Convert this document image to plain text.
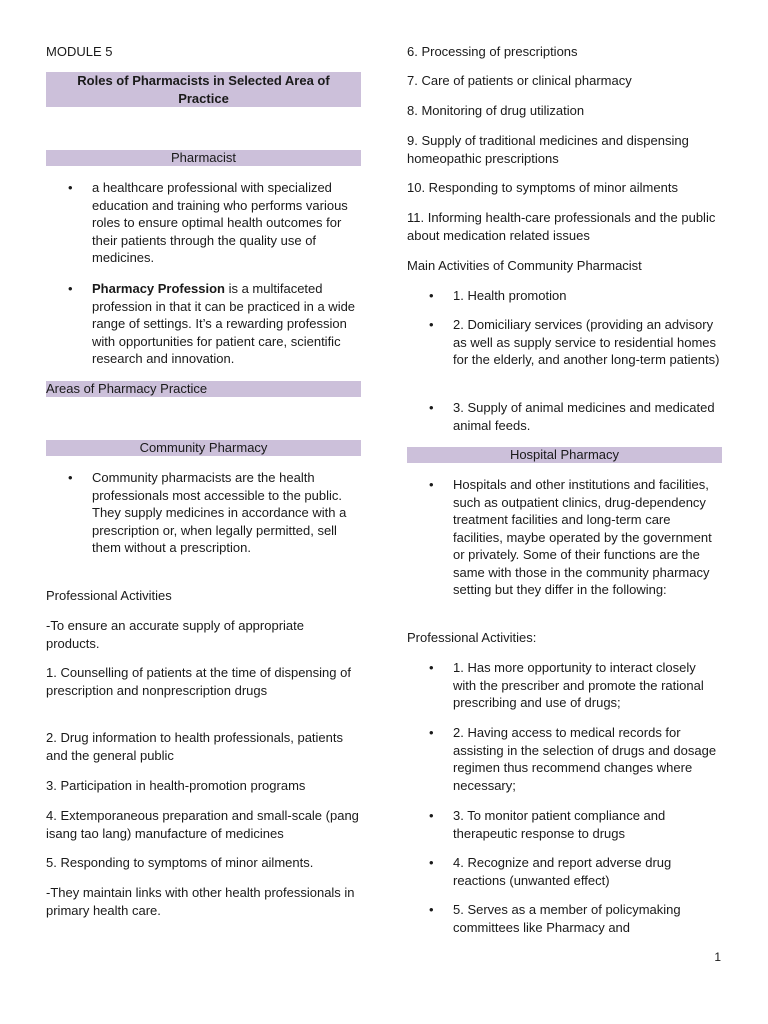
MODULE 5
Roles of Pharmacists in Selected Area of Practice
Pharmacist
• a healthcare professional with specialized education and training who performs various roles to ensure optimal health outcomes for their patients through the quality use of medicines.
• Pharmacy Profession is a multifaceted profession in that it can be practiced in a wide range of settings. It’s a rewarding profession with opportunities for patient care, scientific research and innovation.
Areas of Pharmacy Practice
Community Pharmacy
• Community pharmacists are the health professionals most accessible to the public. They supply medicines in accordance with a prescription or, when legally permitted, sell them without a prescription.
Professional Activities
-To ensure an accurate supply of appropriate products.
1. Counselling of patients at the time of dispensing of prescription and nonprescription drugs
2. Drug information to health professionals, patients and the general public
3. Participation in health-promotion programs
4. Extemporaneous preparation and small-scale (pang isang tao lang) manufacture of medicines
5. Responding to symptoms of minor ailments.
-They maintain links with other health professionals in primary health care.
6. Processing of prescriptions
7. Care of patients or clinical pharmacy
8. Monitoring of drug utilization
9. Supply of traditional medicines and dispensing homeopathic prescriptions
10. Responding to symptoms of minor ailments
11. Informing health-care professionals and the public about medication related issues
Main Activities of Community Pharmacist
• 1. Health promotion
• 2. Domiciliary services (providing an advisory as well as supply service to residential homes for the elderly, and another long-term patients)
• 3. Supply of animal medicines and medicated animal feeds.
Hospital Pharmacy
• Hospitals and other institutions and facilities, such as outpatient clinics, drug-dependency treatment facilities and long-term care facilities, maybe operated by the government or privately. Some of their functions are the same with those in the community pharmacy setting but they differ in the following:
Professional Activities:
• 1. Has more opportunity to interact closely with the prescriber and promote the rational prescribing and use of drugs;
• 2. Having access to medical records for assisting in the selection of drugs and dosage regimen thus recommend changes where necessary;
• 3. To monitor patient compliance and therapeutic response to drugs
• 4. Recognize and report adverse drug reactions (unwanted effect)
• 5. Serves as a member of policymaking committees like Pharmacy and
1
